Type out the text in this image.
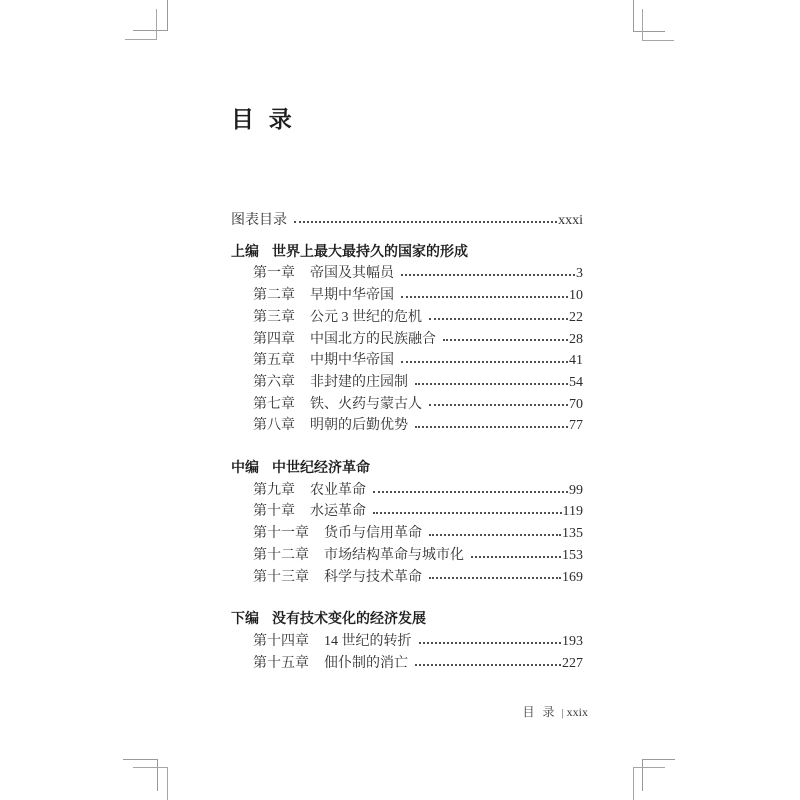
目 录
图表目录	xxxi
上编 世界上最大最持久的国家的形成
第一章 帝国及其幅员	3
第二章 早期中华帝国	10
第三章 公元 3 世纪的危机	22
第四章 中国北方的民族融合	28
第五章 中期中华帝国	41
第六章 非封建的庄园制	54
第七章 铁、火药与蒙古人	70
第八章 明朝的后勤优势	77
中编 中世纪经济革命
第九章 农业革命	99
第十章 水运革命	119
第十一章 货币与信用革命	135
第十二章 市场结构革命与城市化	153
第十三章 科学与技术革命	169
下编 没有技术变化的经济发展
第十四章 14 世纪的转折	193
第十五章 佃仆制的消亡	227
目 录 | xxix
